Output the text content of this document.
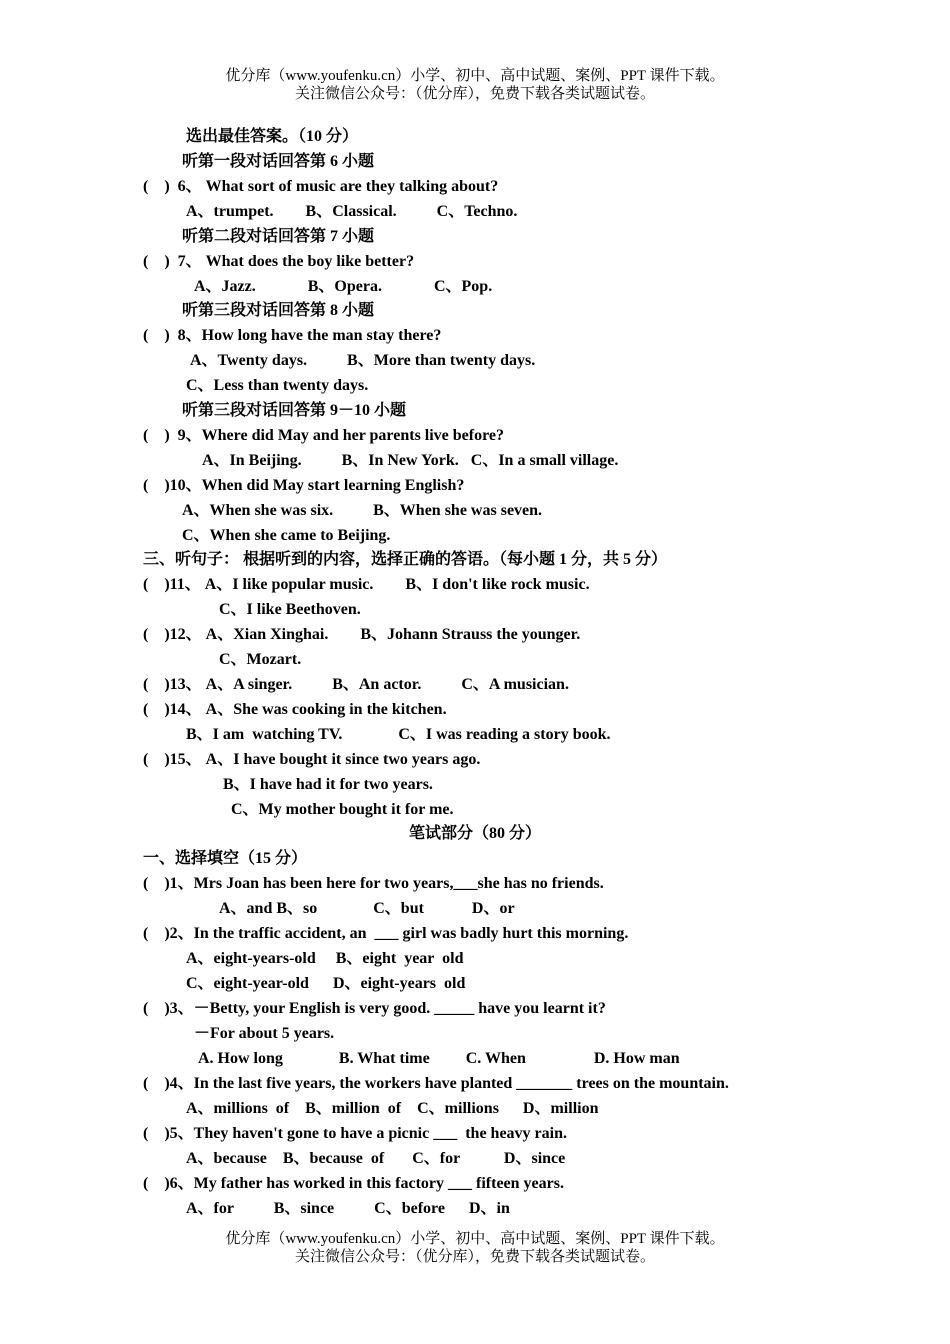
优分库（www.youfenku.cn）小学、初中、高中试题、案例、PPT 课件下载。
关注微信公众号：（优分库），免费下载各类试题试卷。
选出最佳答案。（10 分）
听第一段对话回答第 6 小题
(    )  6、 What sort of music are they talking about?
A、trumpet.        B、Classical.          C、Techno.
听第二段对话回答第 7 小题
(    )  7、 What does the boy like better?
A、Jazz.             B、Opera.             C、Pop.
听第三段对话回答第 8 小题
(    )  8、How long have the man stay there?
A、Twenty days.          B、More than twenty days.
C、Less than twenty days.
听第三段对话回答第 9－10 小题
(    )  9、Where did May and her parents live before?
A、In Beijing.          B、In New York.   C、In a small village.
(    )10、When did May start learning English?
A、When she was six.          B、When she was seven.
C、When she came to Beijing.
三、听句子： 根据听到的内容，选择正确的答语。（每小题 1 分，共 5 分）
(    )11、 A、I like popular music.        B、I don't like rock music.
C、I like Beethoven.
(    )12、 A、Xian Xinghai.        B、Johann Strauss the younger.
C、Mozart.
(    )13、 A、A singer.          B、An actor.          C、A musician.
(    )14、 A、She was cooking in the kitchen.
B、I am  watching TV.              C、I was reading a story book.
(    )15、 A、I have bought it since two years ago.
B、I have had it for two years.
C、My mother bought it for me.
笔试部分（80 分）
一、选择填空（15 分）
(    )1、Mrs Joan has been here for two years,___she has no friends.
A、and B、so              C、but            D、or
(    )2、In the traffic accident, an  ___ girl was badly hurt this morning.
A、eight-years-old     B、eight  year  old
C、eight-year-old      D、eight-years  old
(    )3、－Betty, your English is very good. _____ have you learnt it?
－For about 5 years.
A. How long              B. What time         C. When                 D. How man
(    )4、In the last five years, the workers have planted _______ trees on the mountain.
A、millions  of    B、million  of    C、millions      D、million
(    )5、They haven't gone to have a picnic ___  the heavy rain.
A、because    B、because  of       C、for           D、since
(    )6、My father has worked in this factory ___ fifteen years.
A、for          B、since          C、before      D、in
优分库（www.youfenku.cn）小学、初中、高中试题、案例、PPT 课件下载。
关注微信公众号：（优分库），免费下载各类试题试卷。
